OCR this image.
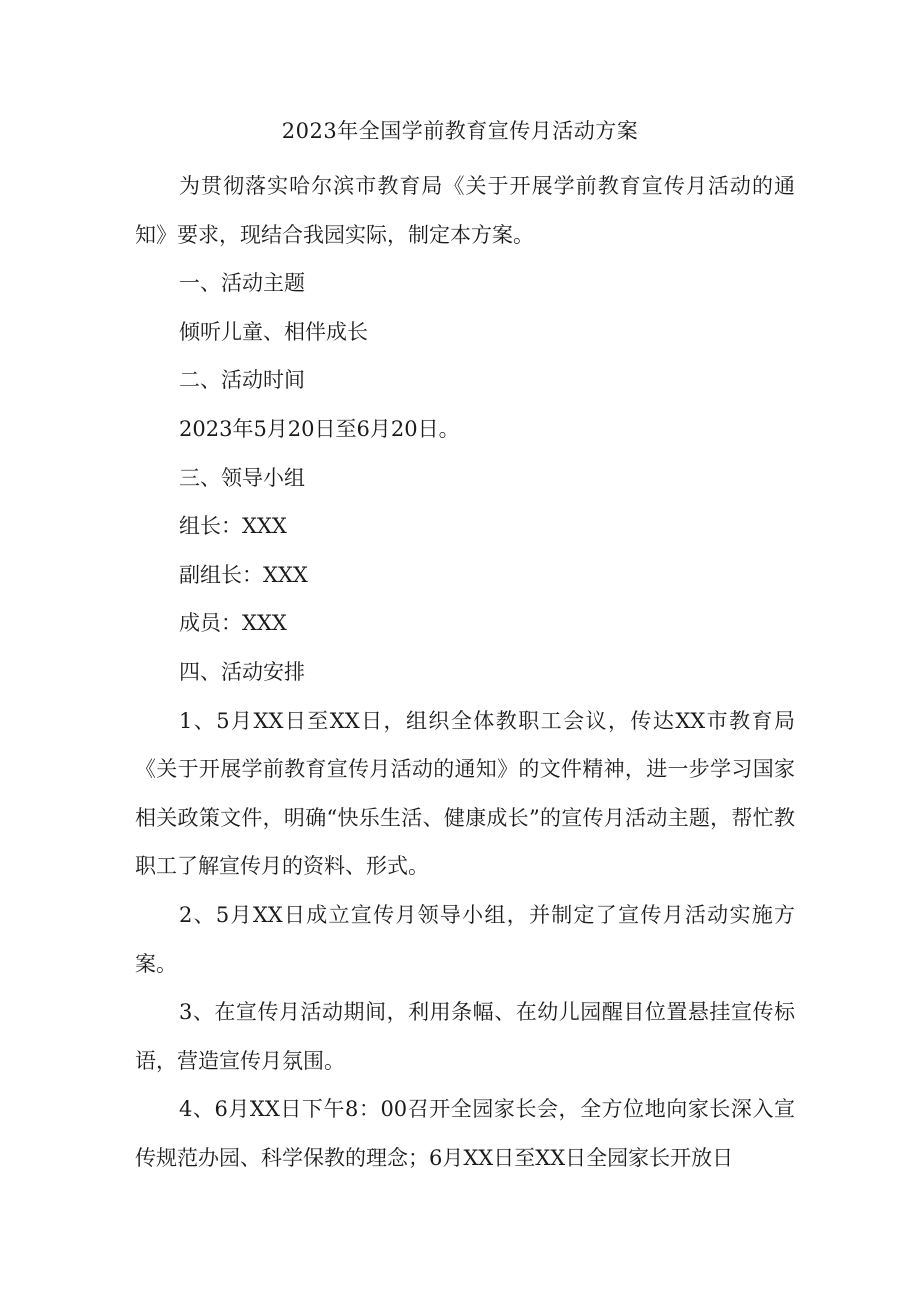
2023年全国学前教育宣传月活动方案

为贯彻落实哈尔滨市教育局《关于开展学前教育宣传月活动的通知》要求，现结合我园实际，制定本方案。

一、活动主题

倾听儿童、相伴成长

二、活动时间

2023年5月20日至6月20日。

三、领导小组

组长：XXX

副组长：XXX

成员：XXX

四、活动安排

1、5月XX日至XX日，组织全体教职工会议，传达XX市教育局《关于开展学前教育宣传月活动的通知》的文件精神，进一步学习国家相关政策文件，明确“快乐生活、健康成长”的宣传月活动主题，帮忙教职工了解宣传月的资料、形式。

2、5月XX日成立宣传月领导小组，并制定了宣传月活动实施方案。

3、在宣传月活动期间，利用条幅、在幼儿园醒目位置悬挂宣传标语，营造宣传月氛围。

4、6月XX日下午8：00召开全园家长会，全方位地向家长深入宣传规范办园、科学保教的理念；6月XX日至XX日全园家长开放日
